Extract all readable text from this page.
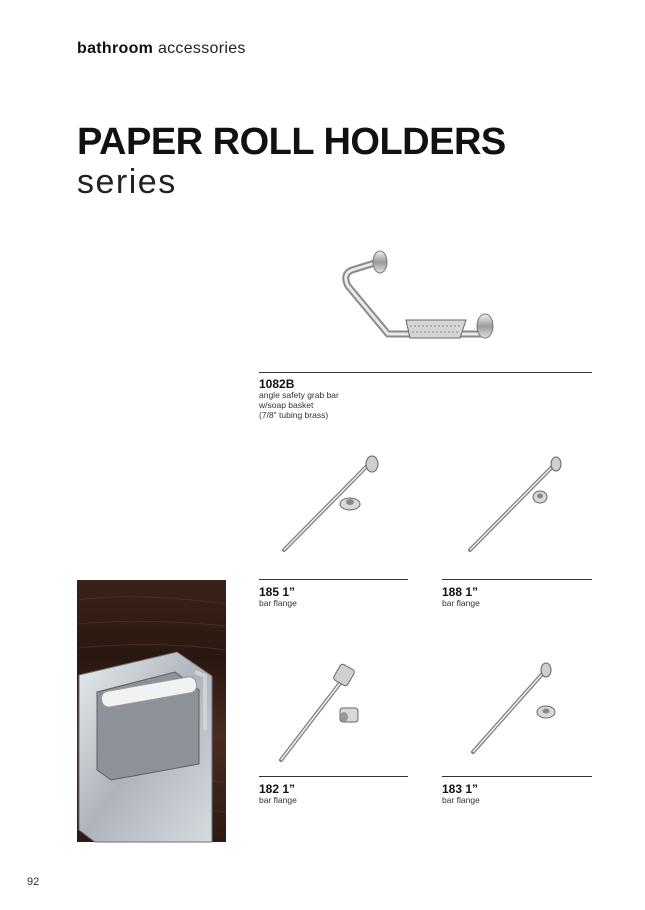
bathroom accessories
PAPER ROLL HOLDERS
series
1082B
angle safety grab bar
w/soap basket
(7/8" tubing brass)
185 1”
bar flange
188 1”
bar flange
182 1”
bar flange
183 1”
bar flange
92
